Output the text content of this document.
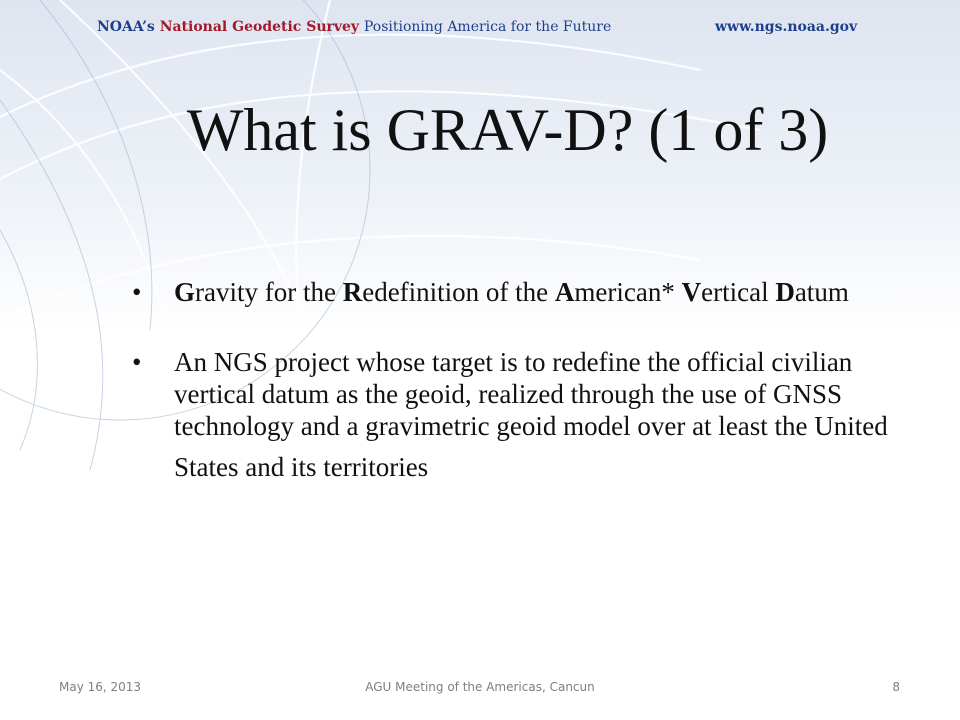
NOAA’s National Geodetic Survey Positioning America for the Future	www.ngs.noaa.gov
What is GRAV-D? (1 of 3)
• Gravity for the Redefinition of the American* Vertical Datum
• An NGS project whose target is to redefine the official civilian vertical datum as the geoid, realized through the use of GNSS technology and a gravimetric geoid model over at least the United
States and its territories
May 16, 2013	AGU Meeting of the Americas, Cancun	8
